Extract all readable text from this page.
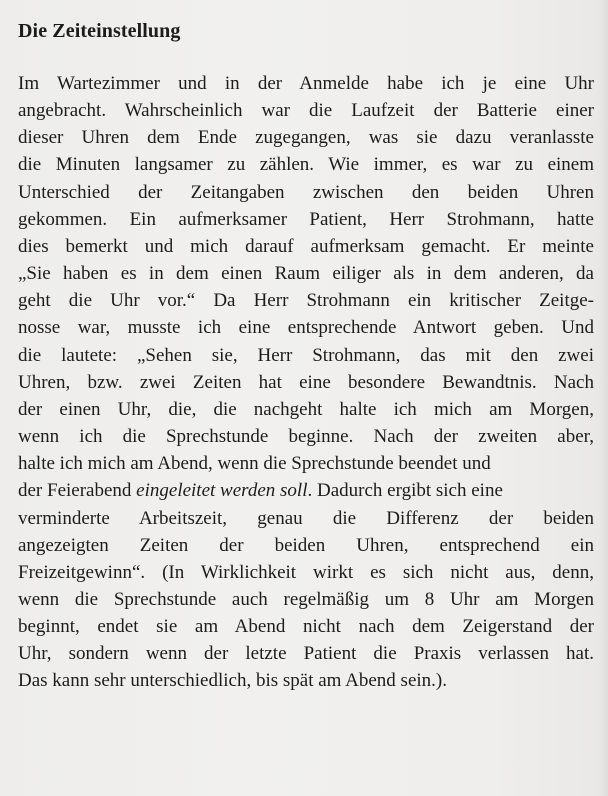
Die Zeiteinstellung

Im Wartezimmer und in der Anmelde habe ich je eine Uhr
angebracht. Wahrscheinlich war die Laufzeit der Batterie einer
dieser Uhren dem Ende zugegangen, was sie dazu veranlasste
die Minuten langsamer zu zählen. Wie immer, es war zu einem
Unterschied der Zeitangaben zwischen den beiden Uhren
gekommen. Ein aufmerksamer Patient, Herr Strohmann, hatte
dies bemerkt und mich darauf aufmerksam gemacht. Er meinte
„Sie haben es in dem einen Raum eiliger als in dem anderen, da
geht die Uhr vor.“ Da Herr Strohmann ein kritischer Zeitge-
nosse war, musste ich eine entsprechende Antwort geben. Und
die lautete: „Sehen sie, Herr Strohmann, das mit den zwei
Uhren, bzw. zwei Zeiten hat eine besondere Bewandtnis. Nach
der einen Uhr, die, die nachgeht halte ich mich am Morgen,
wenn ich die Sprechstunde beginne. Nach der zweiten aber,
halte ich mich am Abend, wenn die Sprechstunde beendet und
der Feierabend eingeleitet werden soll. Dadurch ergibt sich eine
verminderte Arbeitszeit, genau die Differenz der beiden
angezeigten Zeiten der beiden Uhren, entsprechend ein
Freizeitgewinn“. (In Wirklichkeit wirkt es sich nicht aus, denn,
wenn die Sprechstunde auch regelmäßig um 8 Uhr am Morgen
beginnt, endet sie am Abend nicht nach dem Zeigerstand der
Uhr, sondern wenn der letzte Patient die Praxis verlassen hat.
Das kann sehr unterschiedlich, bis spät am Abend sein.).
